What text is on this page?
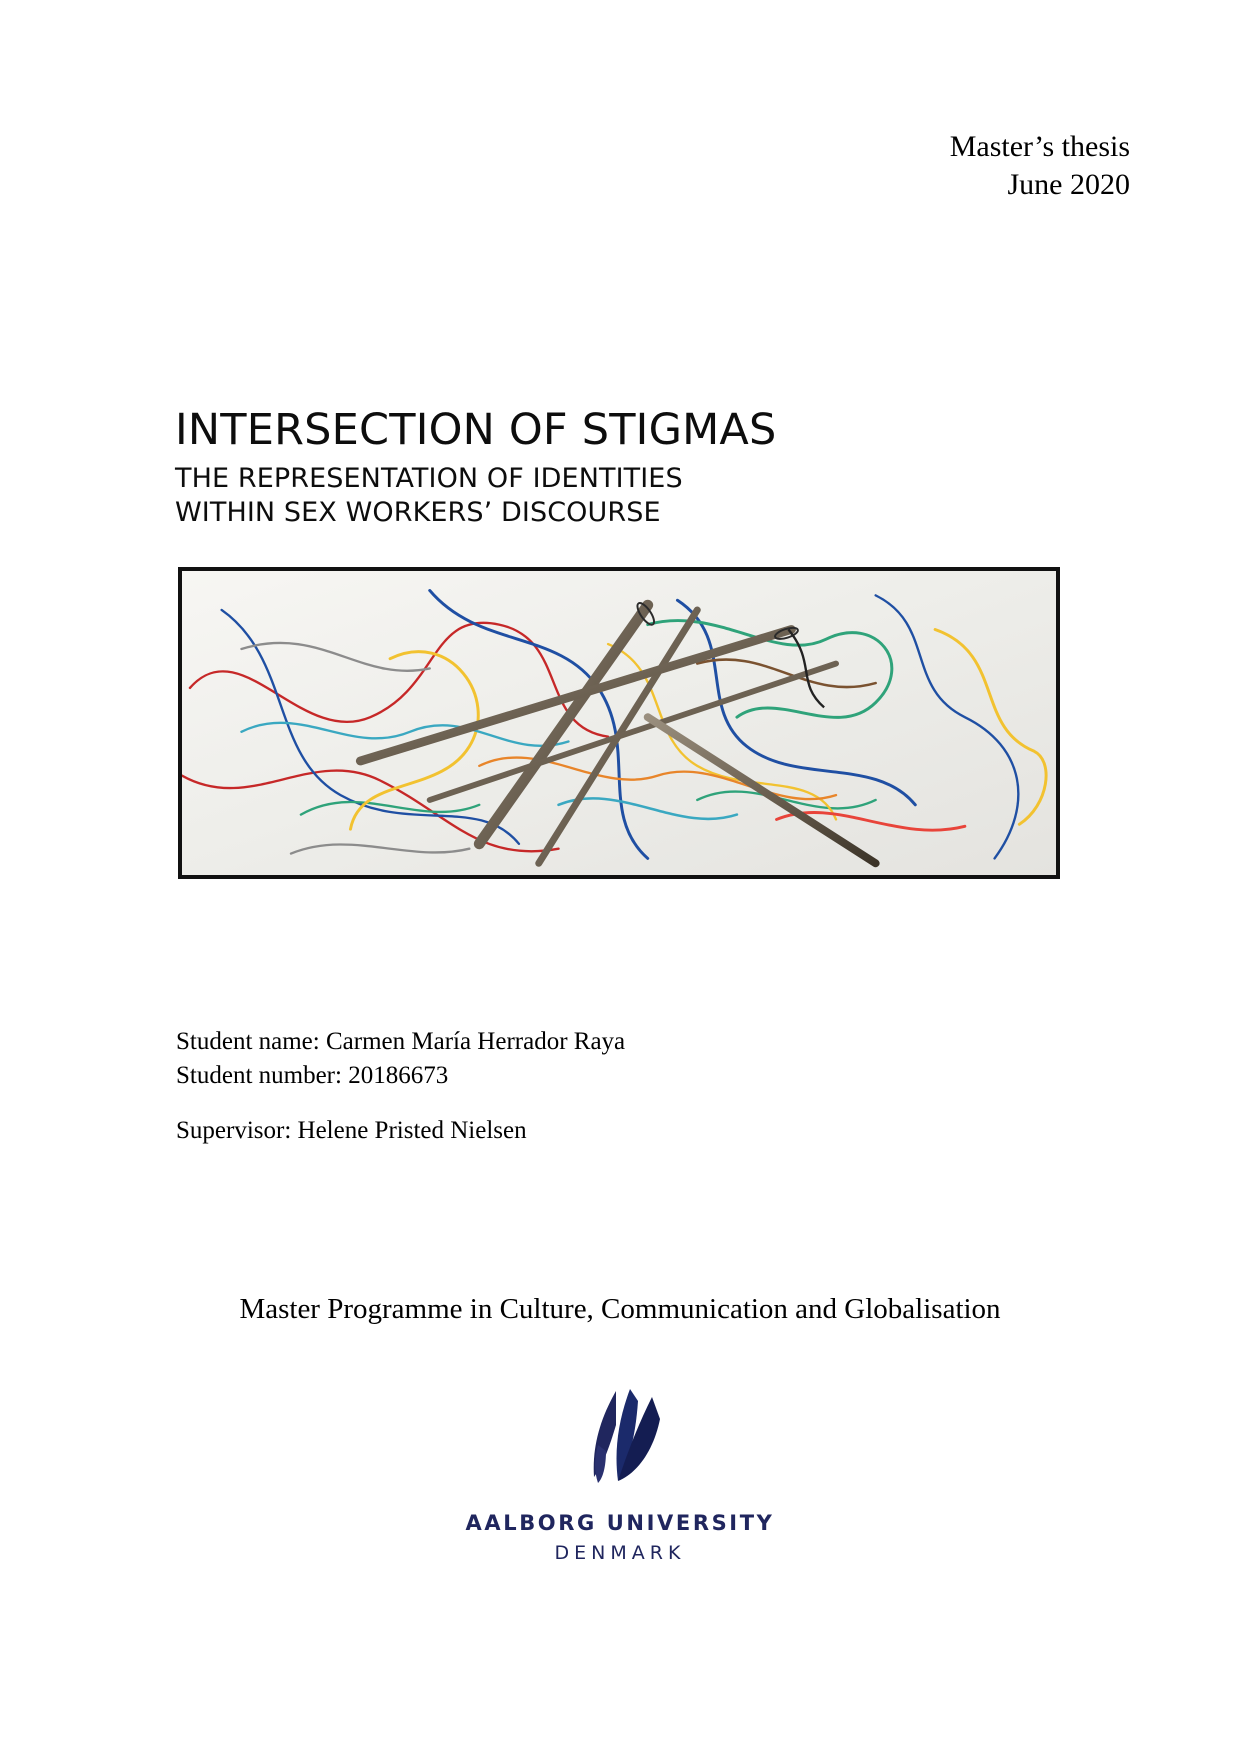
Master’s thesis
June 2020
INTERSECTION OF STIGMAS
THE REPRESENTATION OF IDENTITIES
WITHIN SEX WORKERS’ DISCOURSE
Student name: Carmen María Herrador Raya
Student number: 20186673
Supervisor: Helene Pristed Nielsen
Master Programme in Culture, Communication and Globalisation
AALBORG UNIVERSITY
DENMARK
